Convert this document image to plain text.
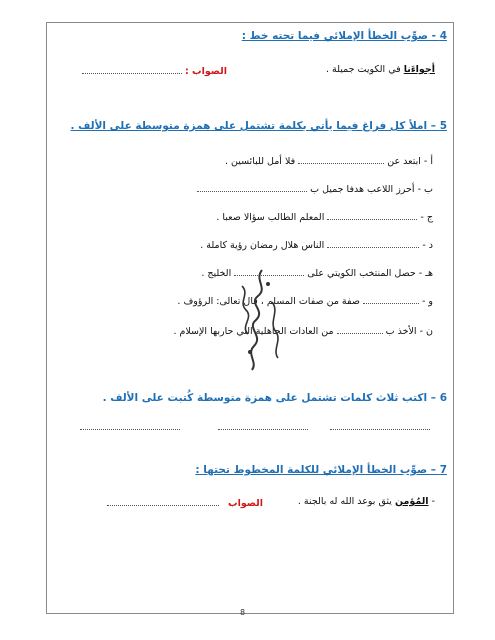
4 - صوِّب الخطأ الإملائي فيما تحته خط :
أجواءَنا في الكويت جميلة .
الصواب :
5 – املأ كل فراغ فيما يأتي بكلمة تشتمل على همزة متوسطة على الألف .
أ - ابتعد عن  فلا أمل للبائسين .
ب - أحرز اللاعب هدفا جميل ب
ج -  المعلم الطالب سؤالا صعبا .
د -  الناس هلال رمضان رؤية كاملة .
هـ - حصل المنتخب الكويتي على  الخليج .
و -  صفة من صفات المسلم ، قال تعالى: الرؤوف .
ن - الأخذ ب  من العادات الجاهلية التي حاربها الإسلام .
6 – اكتب ثلاث كلمات تشتمل على همزة متوسطة كُتبت على الألف .
7 – صوِّب الخطأ الإملائي للكلمة المخطوط تحتها :
- المُؤمن يثق بوعد الله له بالجنة .
الصواب
8
